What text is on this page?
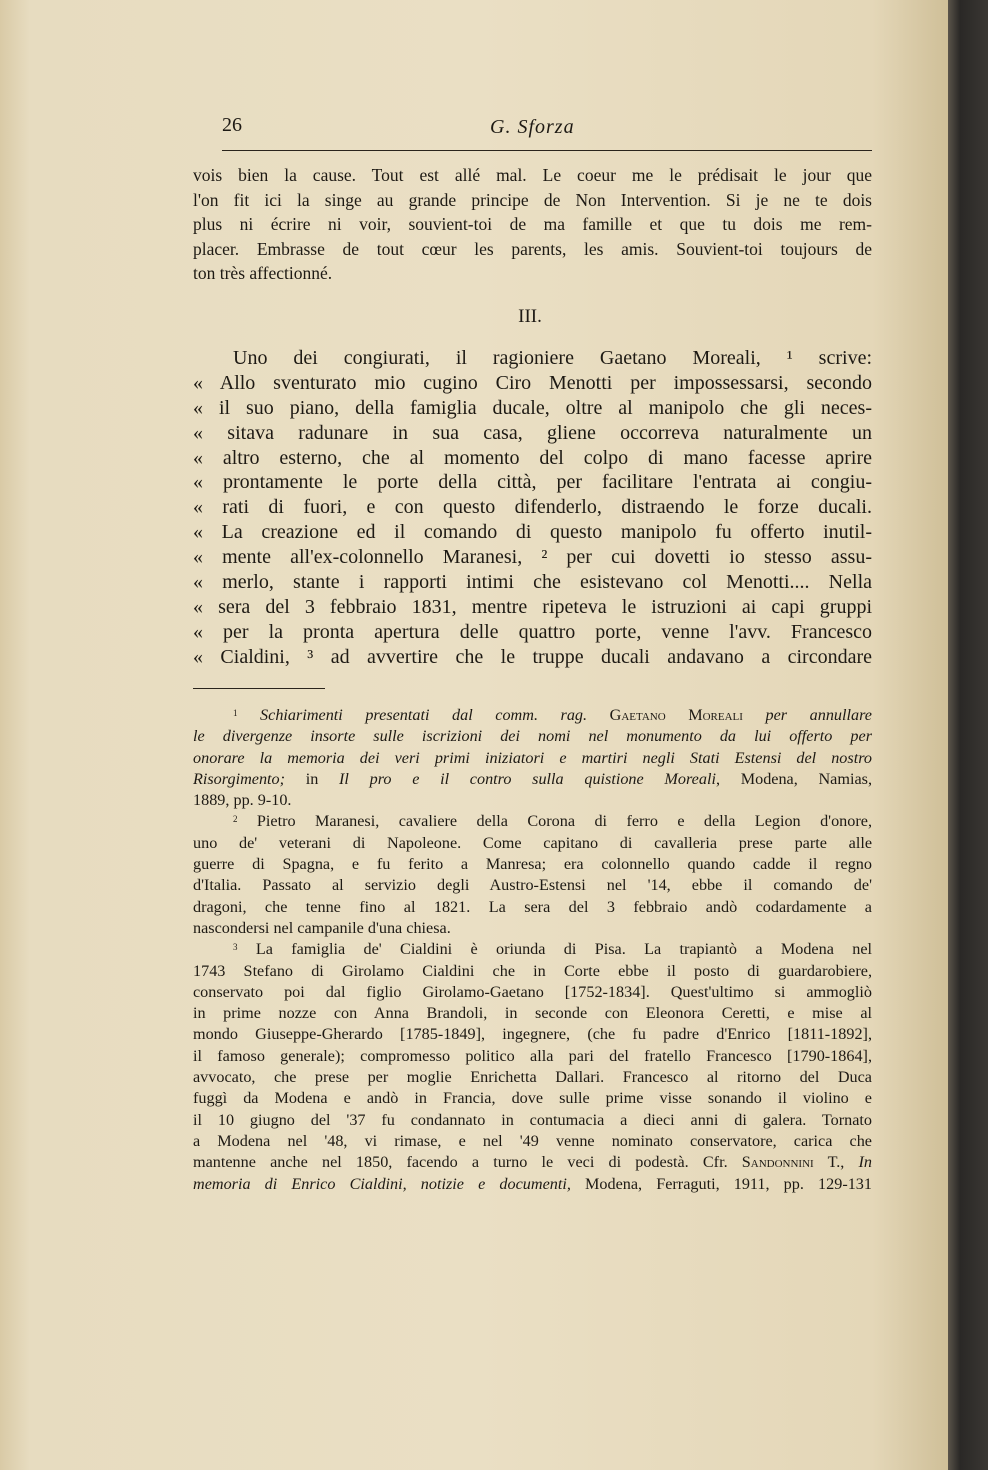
26	G. Sforza
vois bien la cause. Tout est allé mal. Le coeur me le prédisait le jour que
l'on fit ici la singe au grande principe de Non Intervention. Si je ne te dois
plus ni écrire ni voir, souvient-toi de ma famille et que tu dois me rem-
placer. Embrasse de tout cœur les parents, les amis. Souvient-toi toujours de
ton très affectionné.
III.
Uno dei congiurati, il ragioniere Gaetano Moreali, ¹ scrive:
« Allo sventurato mio cugino Ciro Menotti per impossessarsi, secondo
« il suo piano, della famiglia ducale, oltre al manipolo che gli neces-
« sitava radunare in sua casa, gliene occorreva naturalmente un
« altro esterno, che al momento del colpo di mano facesse aprire
« prontamente le porte della città, per facilitare l'entrata ai congiu-
« rati di fuori, e con questo difenderlo, distraendo le forze ducali.
« La creazione ed il comando di questo manipolo fu offerto inutil-
« mente all'ex-colonnello Maranesi, ² per cui dovetti io stesso assu-
« merlo, stante i rapporti intimi che esistevano col Menotti.... Nella
« sera del 3 febbraio 1831, mentre ripeteva le istruzioni ai capi gruppi
« per la pronta apertura delle quattro porte, venne l'avv. Francesco
« Cialdini, ³ ad avvertire che le truppe ducali andavano a circondare
$^1$ Schiarimenti presentati dal comm. rag. Gaetano Moreali per annullare
le divergenze insorte sulle iscrizioni dei nomi nel monumento da lui offerto per
onorare la memoria dei veri primi iniziatori e martiri negli Stati Estensi del nostro
Risorgimento; in Il pro e il contro sulla quistione Moreali, Modena, Namias,
1889, pp. 9-10.
$^2$ Pietro Maranesi, cavaliere della Corona di ferro e della Legion d'onore,
uno de' veterani di Napoleone. Come capitano di cavalleria prese parte alle
guerre di Spagna, e fu ferito a Manresa; era colonnello quando cadde il regno
d'Italia. Passato al servizio degli Austro-Estensi nel '14, ebbe il comando de'
dragoni, che tenne fino al 1821. La sera del 3 febbraio andò codardamente a
nascondersi nel campanile d'una chiesa.
$^3$ La famiglia de' Cialdini è oriunda di Pisa. La trapiantò a Modena nel
1743 Stefano di Girolamo Cialdini che in Corte ebbe il posto di guardarobiere,
conservato poi dal figlio Girolamo-Gaetano [1752-1834]. Quest'ultimo si ammogliò
in prime nozze con Anna Brandoli, in seconde con Eleonora Ceretti, e mise al
mondo Giuseppe-Gherardo [1785-1849], ingegnere, (che fu padre d'Enrico [1811-1892],
il famoso generale); compromesso politico alla pari del fratello Francesco [1790-1864],
avvocato, che prese per moglie Enrichetta Dallari. Francesco al ritorno del Duca
fuggì da Modena e andò in Francia, dove sulle prime visse sonando il violino e
il 10 giugno del '37 fu condannato in contumacia a dieci anni di galera. Tornato
a Modena nel '48, vi rimase, e nel '49 venne nominato conservatore, carica che
mantenne anche nel 1850, facendo a turno le veci di podestà. Cfr. Sandonnini T., In
memoria di Enrico Cialdini, notizie e documenti, Modena, Ferraguti, 1911, pp. 129-131
